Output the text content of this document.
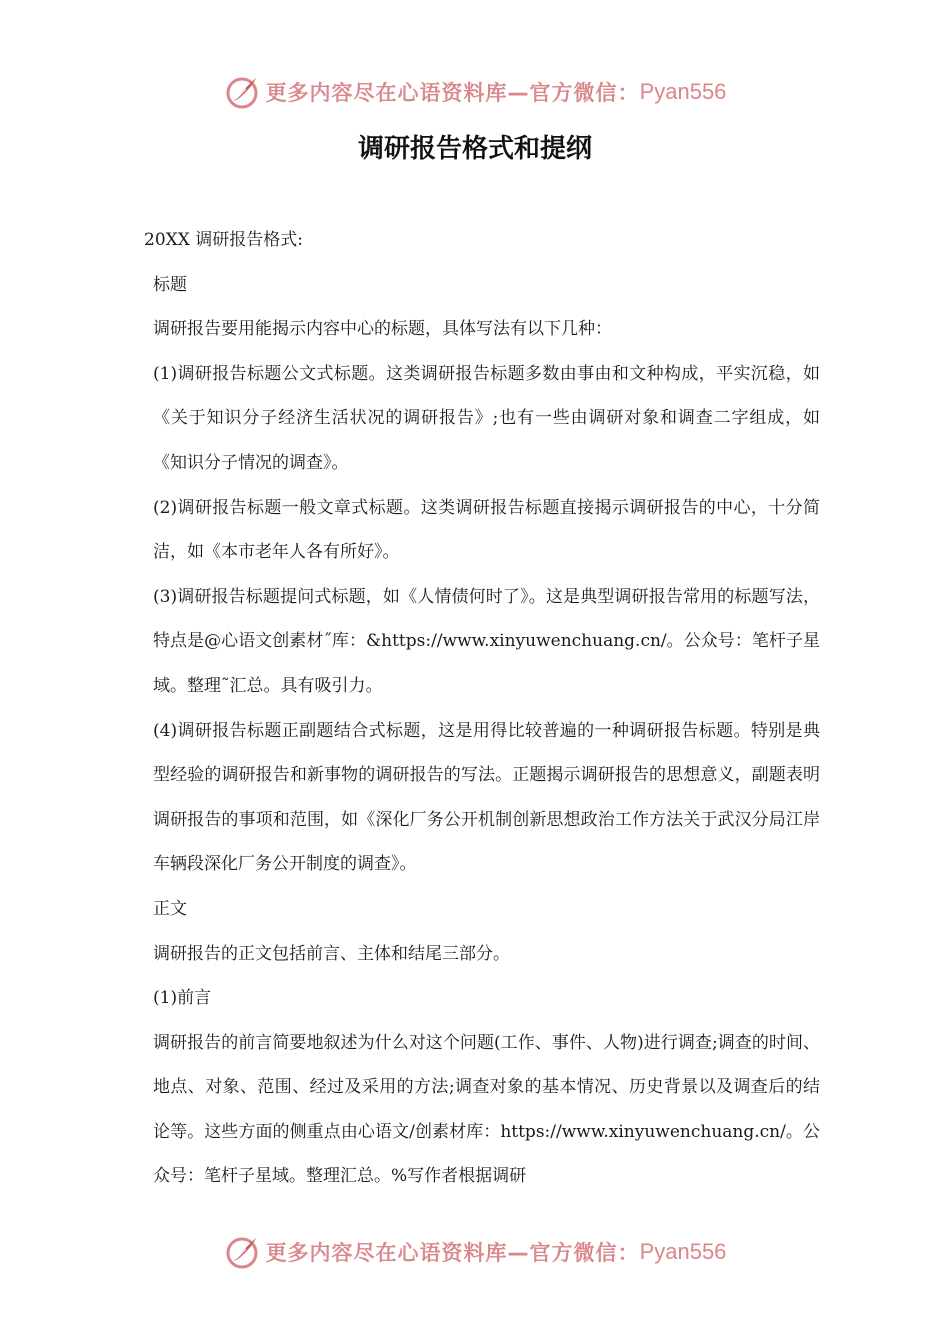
更多内容尽在心语资料库—官方微信： Pyan556
调研报告格式和提纲

20XX 调研报告格式:

标题

调研报告要用能揭示内容中心的标题，具体写法有以下几种：

(1)调研报告标题公文式标题。这类调研报告标题多数由事由和文种构成，平实沉稳，如《关于知识分子经济生活状况的调研报告》;也有一些由调研对象和调查二字组成，如《知识分子情况的调查》。

(2)调研报告标题一般文章式标题。这类调研报告标题直接揭示调研报告的中心，十分简洁，如《本市老年人各有所好》。

(3)调研报告标题提问式标题，如《人情债何时了》。这是典型调研报告常用的标题写法，特点是@心语文创素材˝库：&https://www.xinyuwenchuang.cn/。公众号：笔杆子星域。整理˜汇总。具有吸引力。

(4)调研报告标题正副题结合式标题，这是用得比较普遍的一种调研报告标题。特别是典型经验的调研报告和新事物的调研报告的写法。正题揭示调研报告的思想意义，副题表明调研报告的事项和范围，如《深化厂务公开机制创新思想政治工作方法关于武汉分局江岸车辆段深化厂务公开制度的调查》。

正文

调研报告的正文包括前言、主体和结尾三部分。

(1)前言

调研报告的前言简要地叙述为什么对这个问题(工作、事件、人物)进行调查;调查的时间、地点、对象、范围、经过及采用的方法;调查对象的基本情况、历史背景以及调查后的结论等。这些方面的侧重点由心语文/创素材库：https://www.xinyuwenchuang.cn/。公众号：笔杆子星域。整理汇总。%写作者根据调研

更多内容尽在心语资料库—官方微信： Pyan556
